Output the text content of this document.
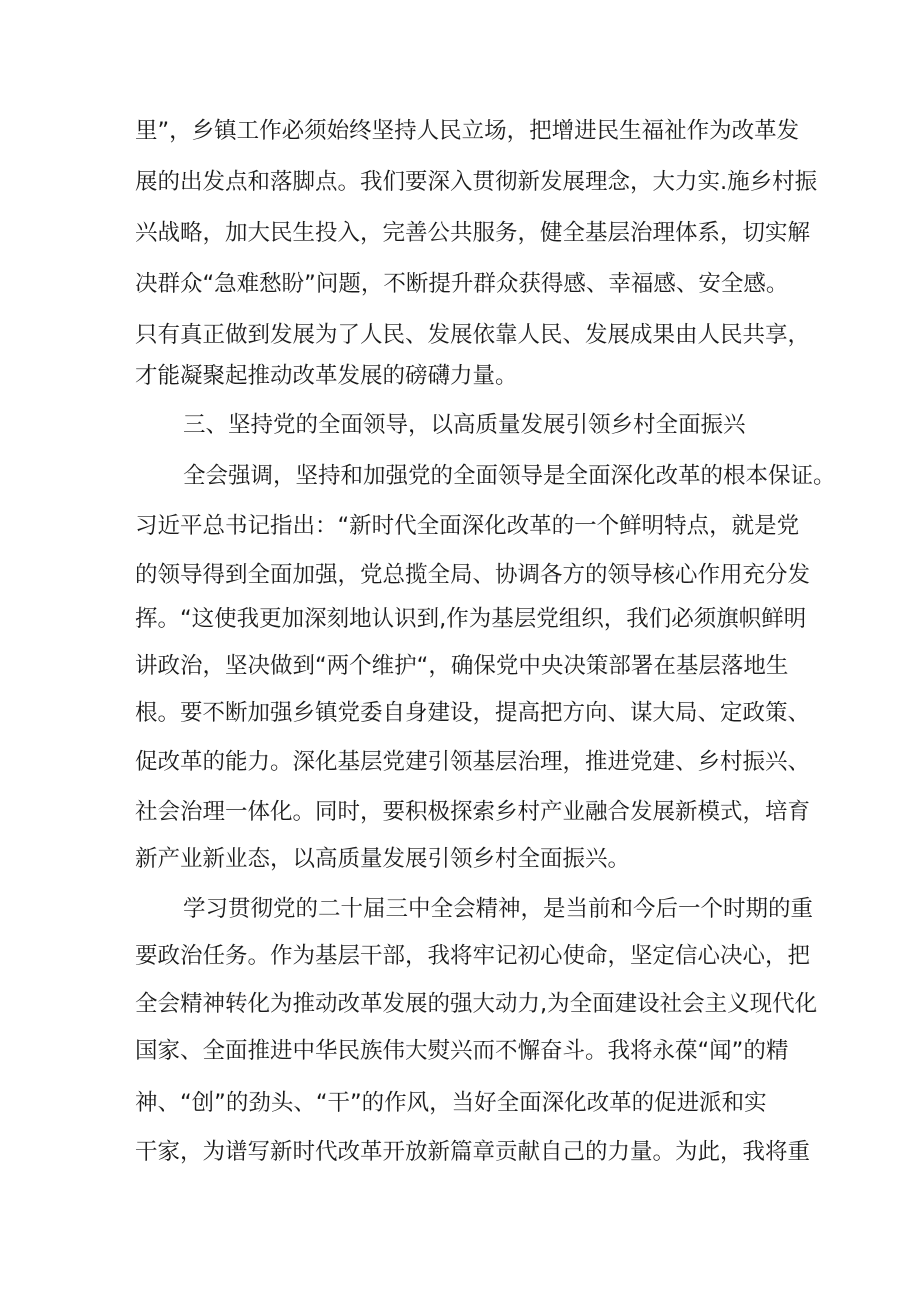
里”，乡镇工作必须始终坚持人民立场，把增进民生福祉作为改革发
展的出发点和落脚点。我们要深入贯彻新发展理念，大力实.施乡村振
兴战略，加大民生投入，完善公共服务，健全基层治理体系，切实解
决群众“急难愁盼”问题，不断提升群众获得感、幸福感、安全感。
只有真正做到发展为了人民、发展依靠人民、发展成果由人民共享，
才能凝聚起推动改革发展的磅礴力量。
三、坚持党的全面领导，以高质量发展引领乡村全面振兴
全会强调，坚持和加强党的全面领导是全面深化改革的根本保证。
习近平总书记指出：“新时代全面深化改革的一个鲜明特点，就是党
的领导得到全面加强，党总揽全局、协调各方的领导核心作用充分发
挥。“这使我更加深刻地认识到,作为基层党组织，我们必须旗帜鲜明
讲政治，坚决做到“两个维护“，确保党中央决策部署在基层落地生
根。要不断加强乡镇党委自身建设，提高把方向、谋大局、定政策、
促改革的能力。深化基层党建引领基层治理，推进党建、乡村振兴、
社会治理一体化。同时，要积极探索乡村产业融合发展新模式，培育
新产业新业态，以高质量发展引领乡村全面振兴。
学习贯彻党的二十届三中全会精神，是当前和今后一个时期的重
要政治任务。作为基层干部，我将牢记初心使命，坚定信心决心，把
全会精神转化为推动改革发展的强大动力,为全面建设社会主义现代化
国家、全面推进中华民族伟大熨兴而不懈奋斗。我将永葆“闻”的精
神、“创”的劲头、“干”的作风，当好全面深化改革的促进派和实
干家，为谱写新时代改革开放新篇章贡献自己的力量。为此，我将重
